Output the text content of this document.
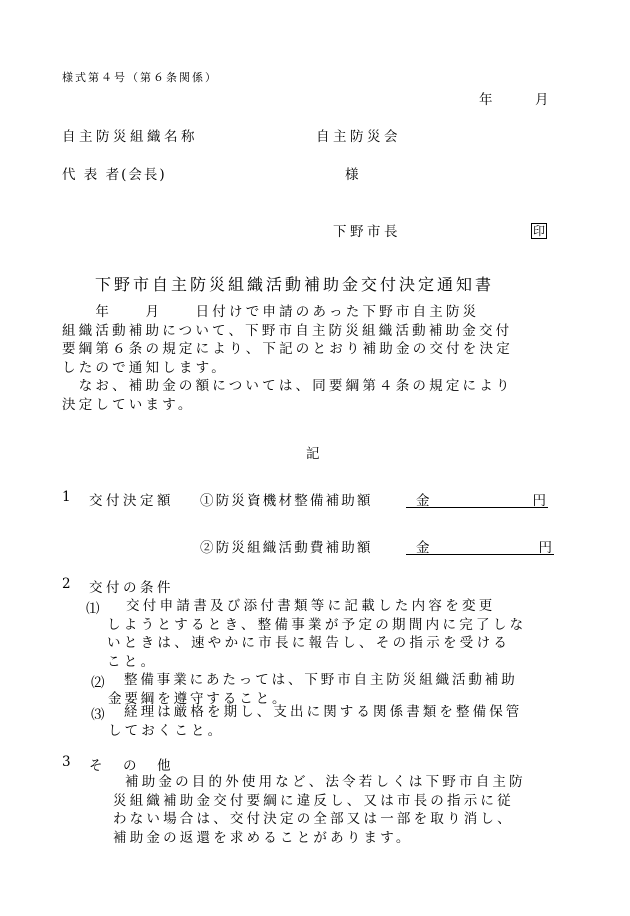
様式第４号（第６条関係）
年	月
自主防災組織名称	自主防災会
代 表 者(会長)	様
下野市長	印
下野市自主防災組織活動補助金交付決定通知書
　　年　　月　　日付けで申請のあった下野市自主防災
組織活動補助について、下野市自主防災組織活動補助金交付
要綱第６条の規定により、下記のとおり補助金の交付を決定
したので通知します。
　なお、補助金の額については、同要綱第４条の規定により
決定しています。
記
1 交付決定額 ①防災資機材整備補助額	金	円
②防災組織活動費補助額	金	円
2 交付の条件
⑴	交付申請書及び添付書類等に記載した内容を変更
しようとするとき、整備事業が予定の期間内に完了しな
いときは、速やかに市長に報告し、その指示を受ける
こと。
⑵	整備事業にあたっては、下野市自主防災組織活動補助
金要綱を遵守すること。
⑶	経理は厳格を期し、支出に関する関係書類を整備保管
しておくこと。
3 そ　の　他
補助金の目的外使用など、法令若しくは下野市自主防
災組織補助金交付要綱に違反し、又は市長の指示に従
わない場合は、交付決定の全部又は一部を取り消し、
補助金の返還を求めることがあります。
